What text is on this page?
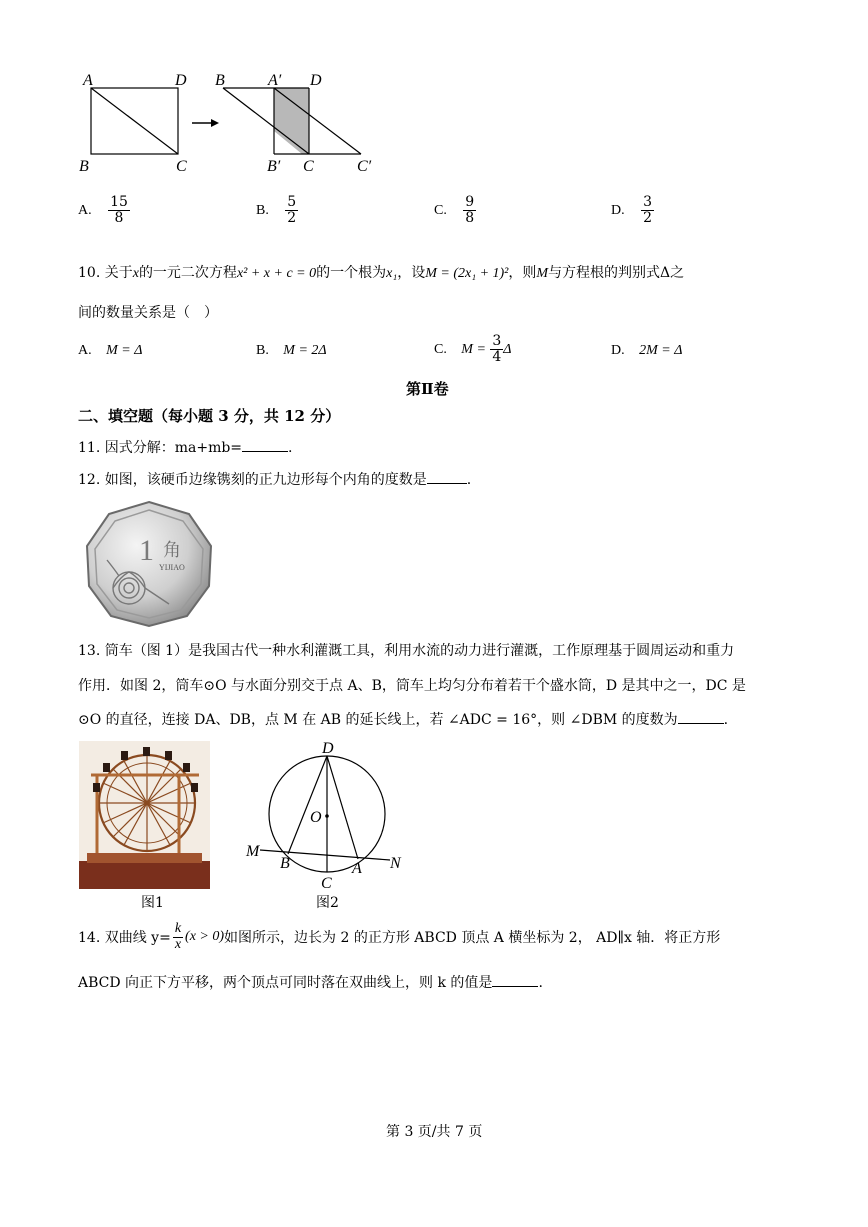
A	D
B	C
B	A′ D
B′ C	C′
A. $\frac{15}{8}$	B. $\frac{5}{2}$	C. $\frac{9}{8}$	D. $\frac{3}{2}$
10. 关于x的一元二次方程x² + x + c = 0的一个根为x₁，设M = (2x₁ + 1)²，则M与方程根的判别式Δ之
间的数量关系是（　）
A. M = Δ	B. M = 2Δ	C. $M = \frac{3}{4}$ Δ	D. 2M = Δ
第Ⅱ卷
二、填空题（每小题 3 分，共 12 分）
11. 因式分解：ma+mb=	.
12. 如图，该硬币边缘镌刻的正九边形每个内角的度数是	.
1 角
YIJIAO
13. 筒车（图 1）是我国古代一种水利灌溉工具，利用水流的动力进行灌溉，工作原理基于圆周运动和重力
作用．如图 2，筒车⊙O 与水面分别交于点 A、B，筒车上均匀分布着若干个盛水筒，D 是其中之一，DC 是
⊙O 的直径，连接 DA、DB，点 M 在 AB 的延长线上，若 ∠ADC = 16°，则 ∠DBM 的度数为	.
图1
D
O
M
B	A N
C
图2
14. 双曲线 $y= \frac{k}{x} (x > 0)$ 如图所示，边长为 2 的正方形 ABCD 顶点 A 横坐标为 2， AD∥x 轴．将正方形
ABCD 向正下方平移，两个顶点可同时落在双曲线上，则 k 的值是	.
第 3 页/共 7 页
